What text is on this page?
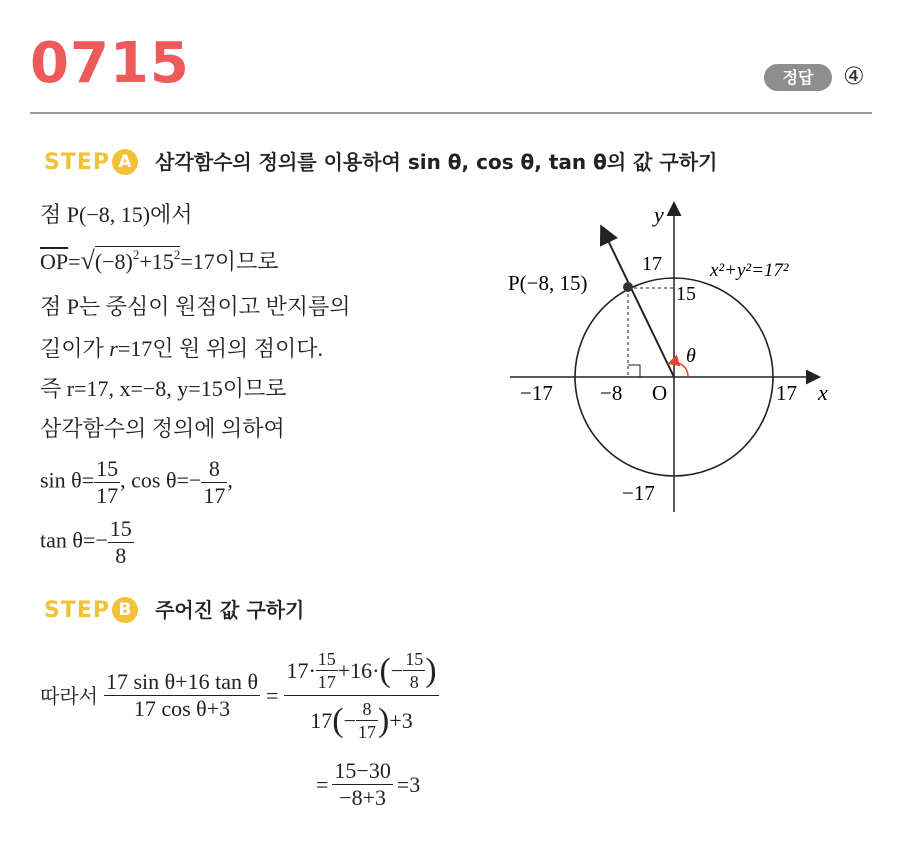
0715	정답	④
STEP A 삼각함수의 정의를 이용하여 sin θ, cos θ, tan θ의 값 구하기
점 P(−8, 15)에서
$\overline{OP}=√(-8)^2+15^2=17$이므로
점 P는 중심이 원점이고 반지름의
길이가 r=17인 원 위의 점이다.
즉 r=17, x=−8, y=15이므로
삼각함수의 정의에 의하여
$\sin \theta= \frac{15}{17}$ , $\cos \theta=- \frac{8}{17}$ ,
$\tan \theta=- \frac{15}{8}$
y
x
P(−8, 15)
x²+y²=17²
17
15
θ
−17 −8 O	17
−17
STEP B 주어진 값 구하기
따라서 $\frac{\text{17 sin θ+16 tan θ}}{\text{17 cos θ+3}} = \frac{17\cdot \frac{15}{17} +16\cdot ( - \frac{15}{8} )}{17 ( - \frac{8}{17} ) +3}$
= $\frac{15-30}{-8+3} =3$
